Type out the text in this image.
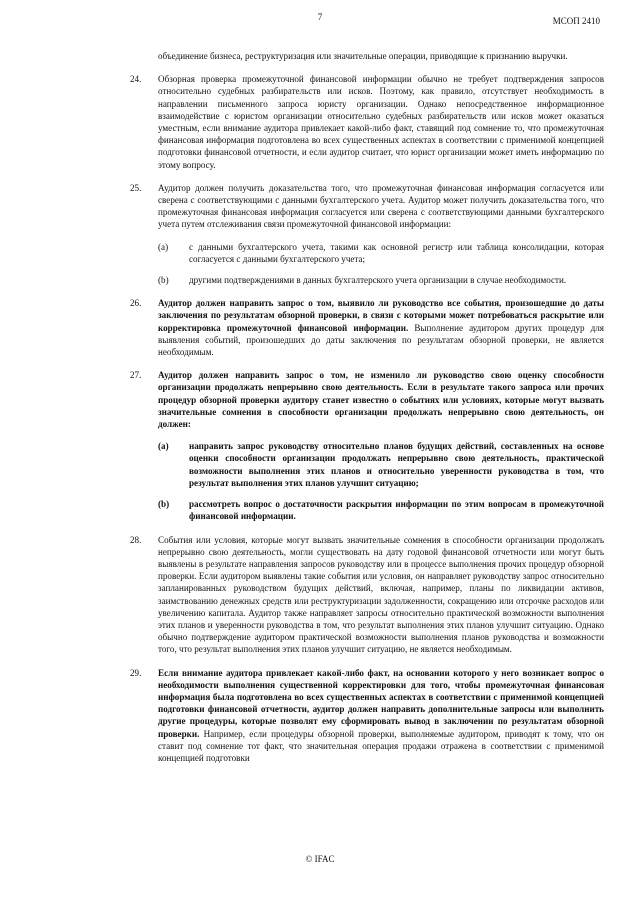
7	МСОП 2410
объединение бизнеса, реструктуризация или значительные операции, приводящие к признанию выручки.
24. Обзорная проверка промежуточной финансовой информации обычно не требует подтверждения запросов относительно судебных разбирательств или исков. Поэтому, как правило, отсутствует необходимость в направлении письменного запроса юристу организации. Однако непосредственное информационное взаимодействие с юристом организации относительно судебных разбирательств или исков может оказаться уместным, если внимание аудитора привлекает какой-либо факт, ставящий под сомнение то, что промежуточная финансовая информация подготовлена во всех существенных аспектах в соответствии с применимой концепцией подготовки финансовой отчетности, и если аудитор считает, что юрист организации может иметь информацию по этому вопросу.
25. Аудитор должен получить доказательства того, что промежуточная финансовая информация согласуется или сверена с соответствующими с данными бухгалтерского учета. Аудитор может получить доказательства того, что промежуточная финансовая информация согласуется или сверена с соответствующими данными бухгалтерского учета путем отслеживания связи промежуточной финансовой информации:
(a) с данными бухгалтерского учета, такими как основной регистр или таблица консолидации, которая согласуется с данными бухгалтерского учета;
(b) другими подтверждениями в данных бухгалтерского учета организации в случае необходимости.
26. Аудитор должен направить запрос о том, выявило ли руководство все события, произошедшие до даты заключения по результатам обзорной проверки, в связи с которыми может потребоваться раскрытие или корректировка промежуточной финансовой информации. Выполнение аудитором других процедур для выявления событий, произошедших до даты заключения по результатам обзорной проверки, не является необходимым.
27. Аудитор должен направить запрос о том, не изменило ли руководство свою оценку способности организации продолжать непрерывно свою деятельность. Если в результате такого запроса или прочих процедур обзорной проверки аудитору станет известно о событиях или условиях, которые могут вызвать значительные сомнения в способности организации продолжать непрерывно свою деятельность, он должен:
(a) направить запрос руководству относительно планов будущих действий, составленных на основе оценки способности организации продолжать непрерывно свою деятельность, практической возможности выполнения этих планов и относительно уверенности руководства в том, что результат выполнения этих планов улучшит ситуацию;
(b) рассмотреть вопрос о достаточности раскрытия информации по этим вопросам в промежуточной финансовой информации.
28. События или условия, которые могут вызвать значительные сомнения в способности организации продолжать непрерывно свою деятельность, могли существовать на дату годовой финансовой отчетности или могут быть выявлены в результате направления запросов руководству или в процессе выполнения прочих процедур обзорной проверки. Если аудитором выявлены такие события или условия, он направляет руководству запрос относительно запланированных руководством будущих действий, включая, например, планы по ликвидации активов, заимствованию денежных средств или реструктуризации задолженности, сокращению или отсрочке расходов или увеличению капитала. Аудитор также направляет запросы относительно практической возможности выполнения этих планов и уверенности руководства в том, что результат выполнения этих планов улучшит ситуацию. Однако обычно подтверждение аудитором практической возможности выполнения планов руководства и возможности того, что результат выполнения этих планов улучшит ситуацию, не является необходимым.
29. Если внимание аудитора привлекает какой-либо факт, на основании которого у него возникает вопрос о необходимости выполнения существенной корректировки для того, чтобы промежуточная финансовая информация была подготовлена во всех существенных аспектах в соответствии с применимой концепцией подготовки финансовой отчетности, аудитор должен направить дополнительные запросы или выполнить другие процедуры, которые позволят ему сформировать вывод в заключении по результатам обзорной проверки. Например, если процедуры обзорной проверки, выполняемые аудитором, приводят к тому, что он ставит под сомнение тот факт, что значительная операция продажи отражена в соответствии с применимой концепцией подготовки
© IFAC
